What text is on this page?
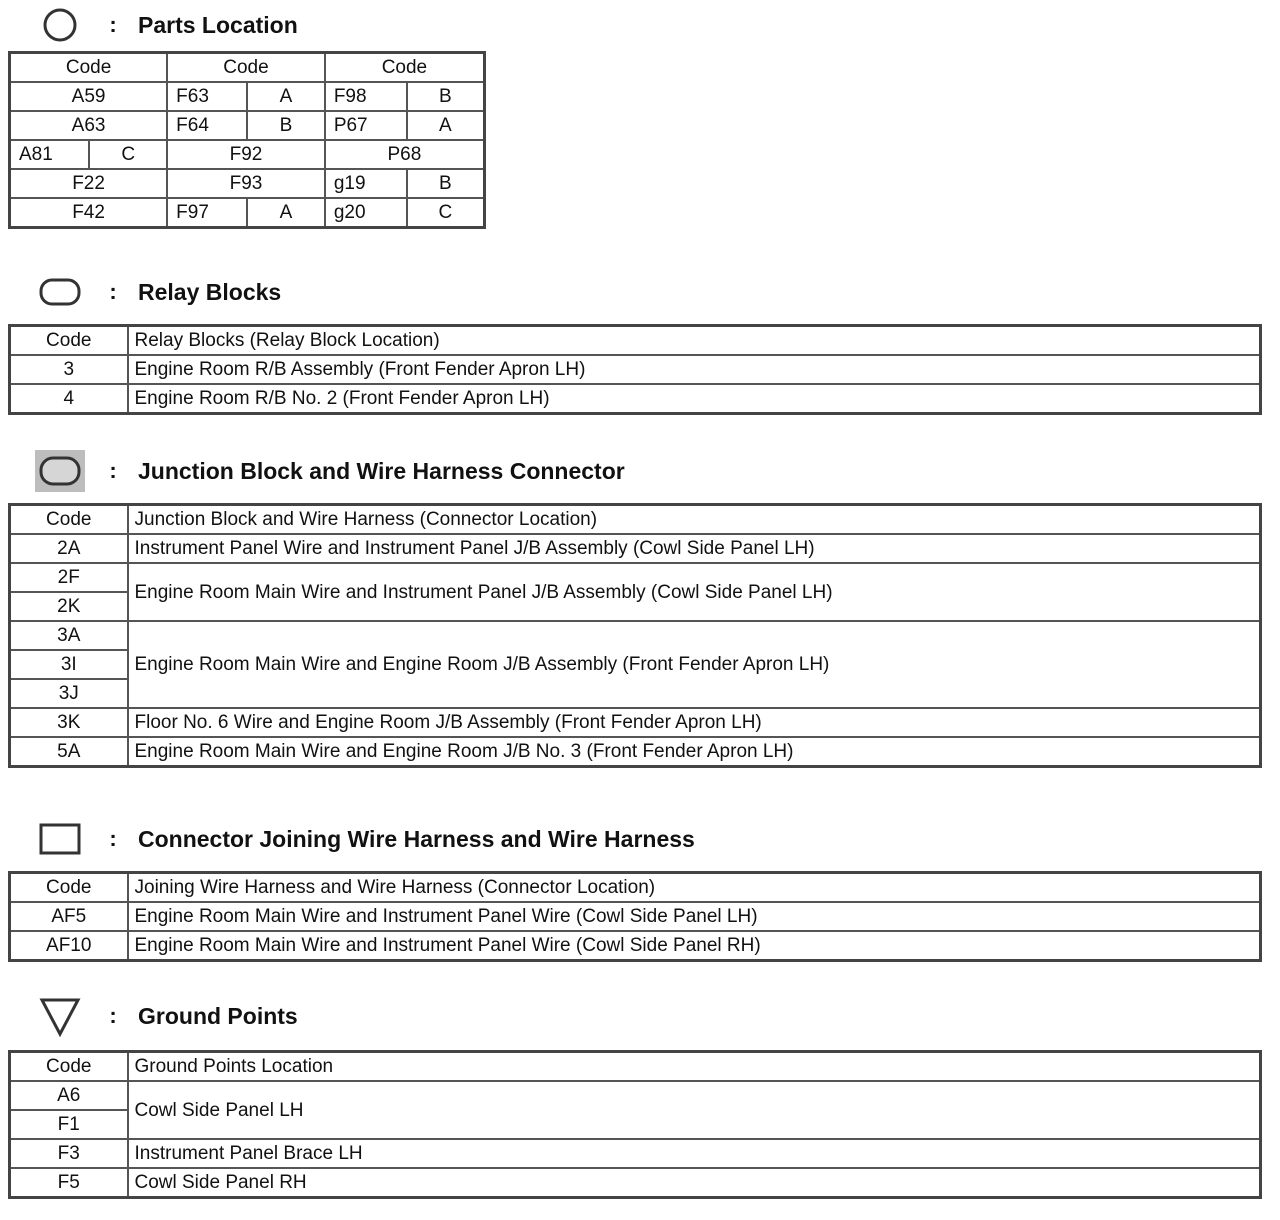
: Parts Location
Code		Code		Code	
A59		F63	A	F98	B
A63		F64	B	P67	A
A81	C	F92		P68	
F22		F93		g19	B
F42		F97	A	g20	C
: Relay Blocks
Code	Relay Blocks (Relay Block Location)
3	Engine Room R/B Assembly (Front Fender Apron LH)
4	Engine Room R/B No. 2 (Front Fender Apron LH)
: Junction Block and Wire Harness Connector
Code	Junction Block and Wire Harness (Connector Location)
2A	Instrument Panel Wire and Instrument Panel J/B Assembly (Cowl Side Panel LH)
2F	Engine Room Main Wire and Instrument Panel J/B Assembly (Cowl Side Panel LH)
2K	
3A	Engine Room Main Wire and Engine Room J/B Assembly (Front Fender Apron LH)
3I	
3J	
3K	Floor No. 6 Wire and Engine Room J/B Assembly (Front Fender Apron LH)
5A	Engine Room Main Wire and Engine Room J/B No. 3 (Front Fender Apron LH)
: Connector Joining Wire Harness and Wire Harness
Code	Joining Wire Harness and Wire Harness (Connector Location)
AF5	Engine Room Main Wire and Instrument Panel Wire (Cowl Side Panel LH)
AF10	Engine Room Main Wire and Instrument Panel Wire (Cowl Side Panel RH)
: Ground Points
Code	Ground Points Location
A6	Cowl Side Panel LH
F1	
F3	Instrument Panel Brace LH
F5	Cowl Side Panel RH
